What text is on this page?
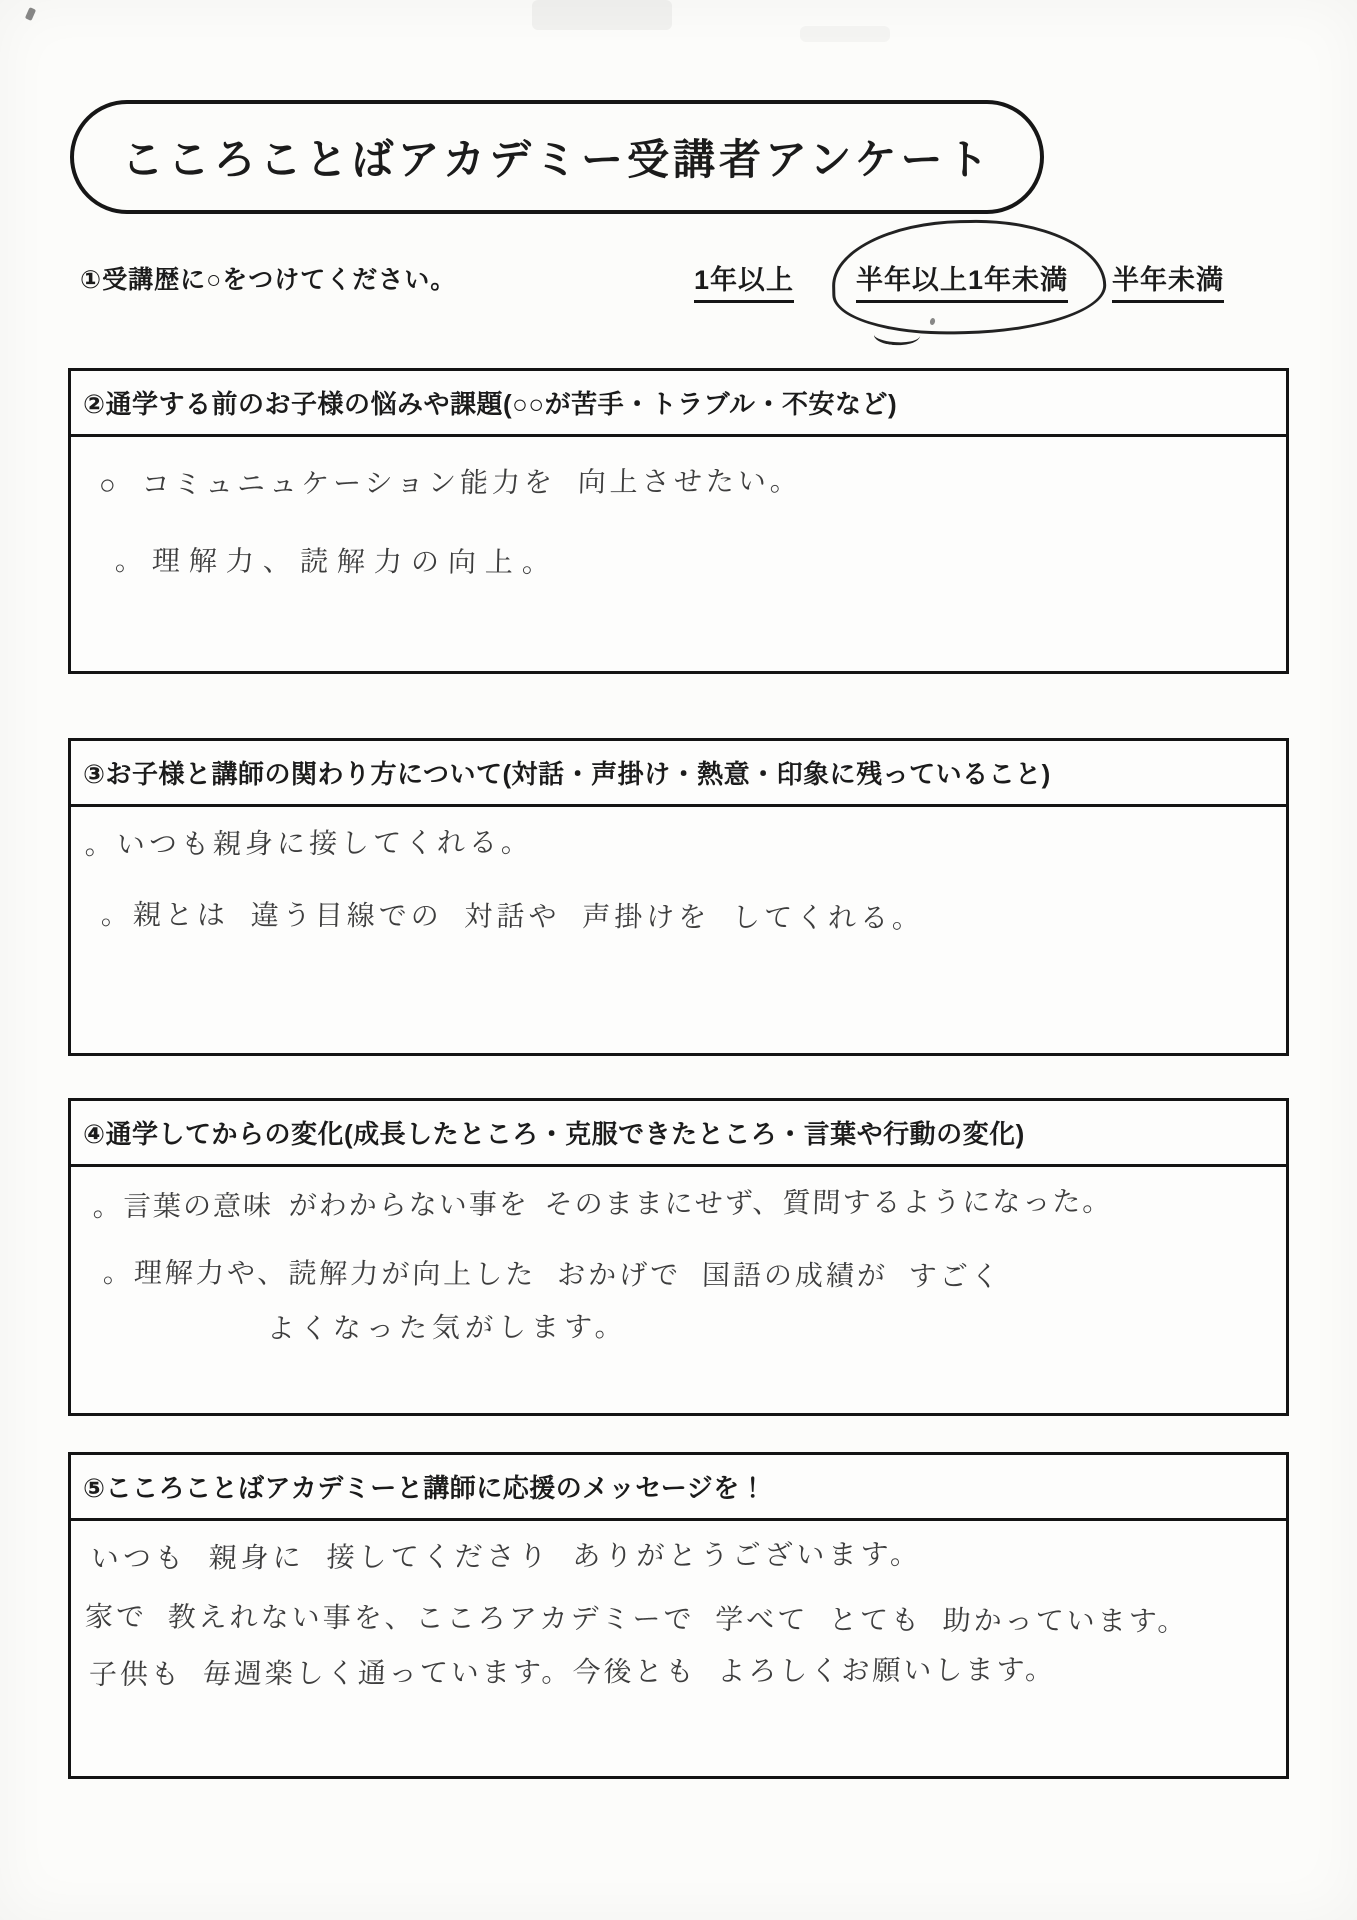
こころことばアカデミー受講者アンケート
①受講歴に○をつけてください。	1年以上 半年以上1年未満 半年未満
②通学する前のお子様の悩みや課題(○○が苦手・トラブル・不安など)
○ コミュニュケーション能力を 向上させたい。
。理解力、読解力の向上。
③お子様と講師の関わり方について(対話・声掛け・熱意・印象に残っていること)
。いつも親身に接してくれる。
。親とは 違う目線での 対話や 声掛けを してくれる。
④通学してからの変化(成長したところ・克服できたところ・言葉や行動の変化)
。言葉の意味 がわからない事を そのままにせず、質問するようになった。
。理解力や、読解力が向上した おかげで 国語の成績が すごく
よくなった気がします。
⑤こころことばアカデミーと講師に応援のメッセージを！
いつも 親身に 接してくださり ありがとうございます。
家で 教えれない事を、こころアカデミーで 学べて とても 助かっています。
子供も 毎週楽しく通っています。今後とも よろしくお願いします。
